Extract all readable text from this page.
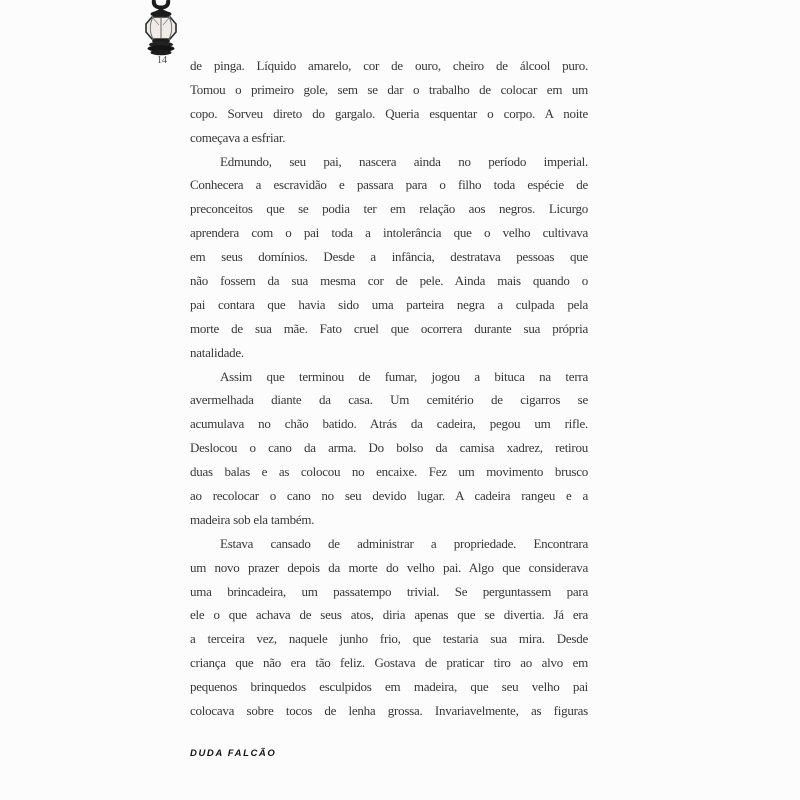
14	de pinga. Líquido amarelo, cor de ouro, cheiro de álcool puro.
Tomou o primeiro gole, sem se dar o trabalho de colocar em um
copo. Sorveu direto do gargalo. Queria esquentar o corpo. A noite
começava a esfriar.
Edmundo, seu pai, nascera ainda no período imperial.
Conhecera a escravidão e passara para o filho toda espécie de
preconceitos que se podia ter em relação aos negros. Licurgo
aprendera com o pai toda a intolerância que o velho cultivava
em seus domínios. Desde a infância, destratava pessoas que
não fossem da sua mesma cor de pele. Ainda mais quando o
pai contara que havia sido uma parteira negra a culpada pela
morte de sua mãe. Fato cruel que ocorrera durante sua própria
natalidade.
Assim que terminou de fumar, jogou a bituca na terra
avermelhada diante da casa. Um cemitério de cigarros se
acumulava no chão batido. Atrás da cadeira, pegou um rifle.
Deslocou o cano da arma. Do bolso da camisa xadrez, retirou
duas balas e as colocou no encaixe. Fez um movimento brusco
ao recolocar o cano no seu devido lugar. A cadeira rangeu e a
madeira sob ela também.
Estava cansado de administrar a propriedade. Encontrara
um novo prazer depois da morte do velho pai. Algo que considerava
uma brincadeira, um passatempo trivial. Se perguntassem para
ele o que achava de seus atos, diria apenas que se divertia. Já era
a terceira vez, naquele junho frio, que testaria sua mira. Desde
criança que não era tão feliz. Gostava de praticar tiro ao alvo em
pequenos brinquedos esculpidos em madeira, que seu velho pai
colocava sobre tocos de lenha grossa. Invariavelmente, as figuras
DUDA FALCÃO
